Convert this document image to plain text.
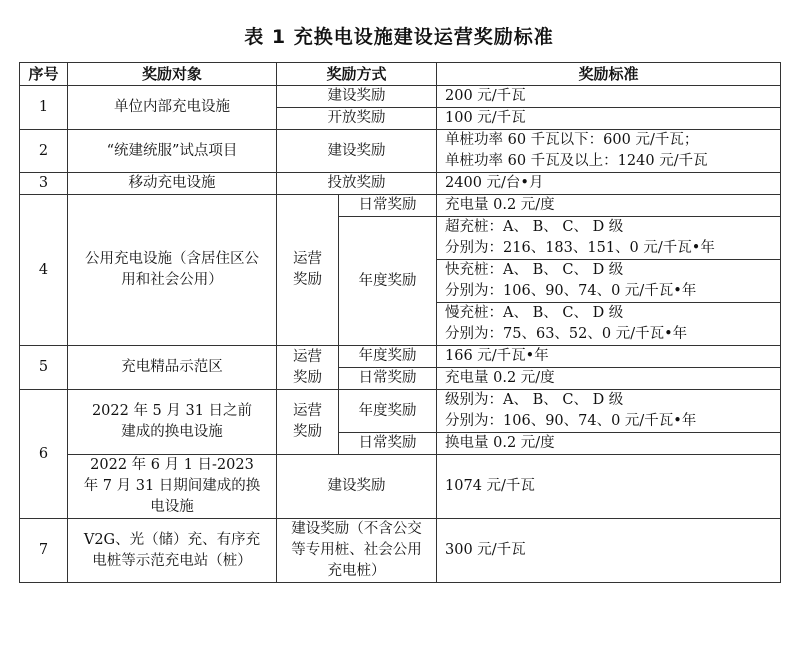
表 1 充换电设施建设运营奖励标准
序号	奖励对象	奖励方式		奖励标准
1	单位内部充电设施	建设奖励		200 元/千瓦
		开放奖励		100 元/千瓦
2	“统建统服”试点项目	建设奖励		单桩功率 60 千瓦以下：600 元/千瓦；
单桩功率 60 千瓦及以上：1240 元/千瓦

3	移动充电设施	投放奖励		2400 元/台•月
4	公用充电设施（含居住区公用和社会公用）	运营奖励	日常奖励	充电量 0.2 元/度
			年度奖励	超充桩：A、 B、 C、 D 级
分别为：216、183、151、0 元/千瓦•年

				快充桩：A、 B、 C、 D 级
分别为：106、90、74、0 元/千瓦•年

				慢充桩：A、 B、 C、 D 级
分别为：75、63、52、0 元/千瓦•年

5	充电精品示范区	运营奖励	年度奖励	166 元/千瓦•年
			日常奖励	充电量 0.2 元/度
6	2022 年 5 月 31 日之前建成的换电设施	运营奖励	年度奖励	级别为：A、 B、 C、 D 级
分别为：106、90、74、0 元/千瓦•年

			日常奖励	换电量 0.2 元/度
	2022 年 6 月 1 日-2023 年 7 月 31 日期间建成的换电设施	建设奖励		1074 元/千瓦
7	V2G、光（储）充、有序充电桩等示范充电站（桩）	建设奖励（不含公交等专用桩、社会公用充电桩）		300 元/千瓦
